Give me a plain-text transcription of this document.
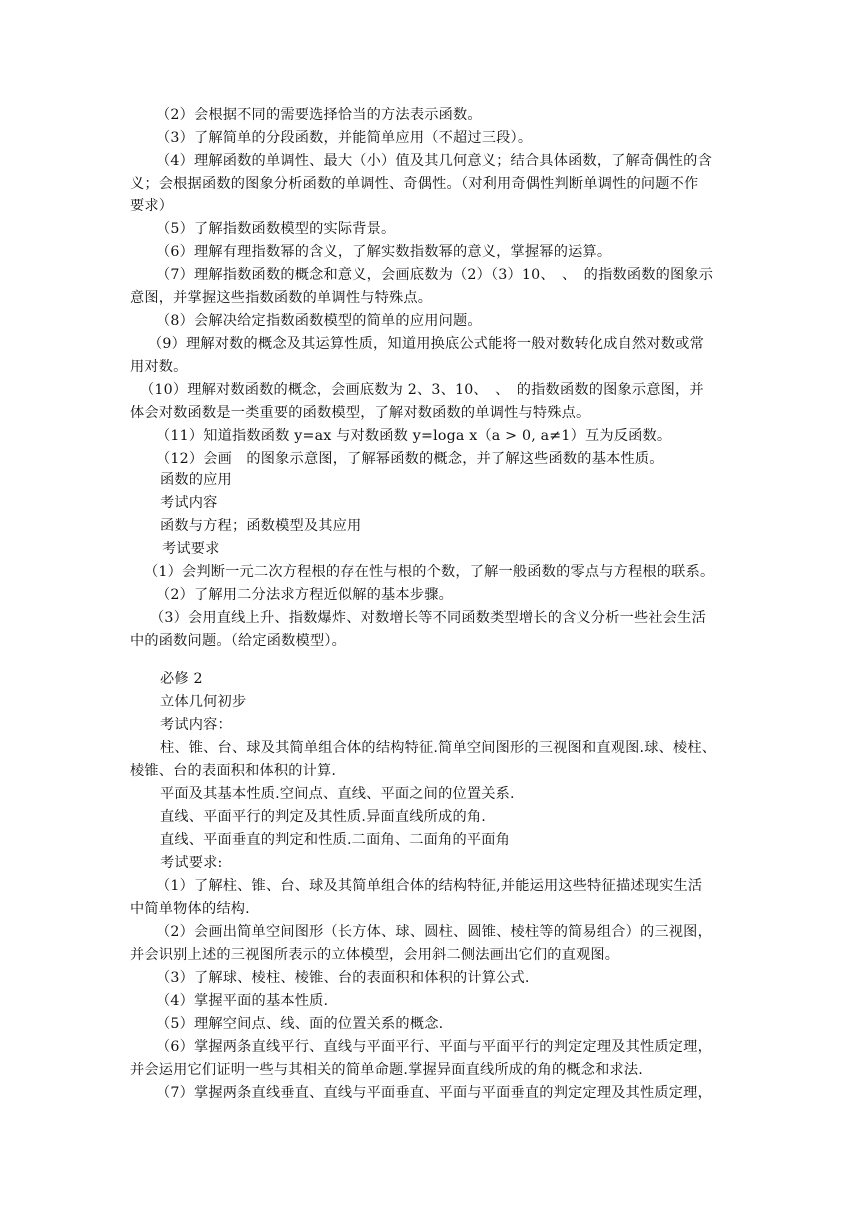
（2）会根据不同的需要选择恰当的方法表示函数。
（3）了解简单的分段函数，并能简单应用（不超过三段）。
（4）理解函数的单调性、最大（小）值及其几何意义；结合具体函数，了解奇偶性的含
义；会根据函数的图象分析函数的单调性、奇偶性。（对利用奇偶性判断单调性的问题不作
要求）
（5）了解指数函数模型的实际背景。
（6）理解有理指数幂的含义，了解实数指数幂的意义，掌握幂的运算。
（7）理解指数函数的概念和意义，会画底数为（2）（3）10、　、　的指数函数的图象示
意图，并掌握这些指数函数的单调性与特殊点。
（8）会解决给定指数函数模型的简单的应用问题。
（9）理解对数的概念及其运算性质，知道用换底公式能将一般对数转化成自然对数或常
用对数。
（10）理解对数函数的概念，会画底数为 2、3、10、　、　的指数函数的图象示意图，并
体会对数函数是一类重要的函数模型，了解对数函数的单调性与特殊点。
（11）知道指数函数 y=ax 与对数函数 y=loga x（a > 0, a≠1）互为反函数。
（12）会画　的图象示意图，了解幂函数的概念，并了解这些函数的基本性质。
函数的应用
考试内容
函数与方程；函数模型及其应用
考试要求
（1）会判断一元二次方程根的存在性与根的个数，了解一般函数的零点与方程根的联系。
（2）了解用二分法求方程近似解的基本步骤。
（3）会用直线上升、指数爆炸、对数增长等不同函数类型增长的含义分析一些社会生活
中的函数问题。（给定函数模型）。
必修 2
立体几何初步
考试内容：
柱、锥、台、球及其简单组合体的结构特征.简单空间图形的三视图和直观图.球、棱柱、
棱锥、台的表面积和体积的计算.
平面及其基本性质.空间点、直线、平面之间的位置关系.
直线、平面平行的判定及其性质.异面直线所成的角.
直线、平面垂直的判定和性质.二面角、二面角的平面角
考试要求:
（1）了解柱、锥、台、球及其简单组合体的结构特征,并能运用这些特征描述现实生活
中简单物体的结构.
（2）会画出简单空间图形（长方体、球、圆柱、圆锥、棱柱等的简易组合）的三视图，
并会识别上述的三视图所表示的立体模型，会用斜二侧法画出它们的直观图。
（3）了解球、棱柱、棱锥、台的表面积和体积的计算公式.
（4）掌握平面的基本性质.
（5）理解空间点、线、面的位置关系的概念.
（6）掌握两条直线平行、直线与平面平行、平面与平面平行的判定定理及其性质定理，
并会运用它们证明一些与其相关的简单命题.掌握异面直线所成的角的概念和求法.
（7）掌握两条直线垂直、直线与平面垂直、平面与平面垂直的判定定理及其性质定理，
